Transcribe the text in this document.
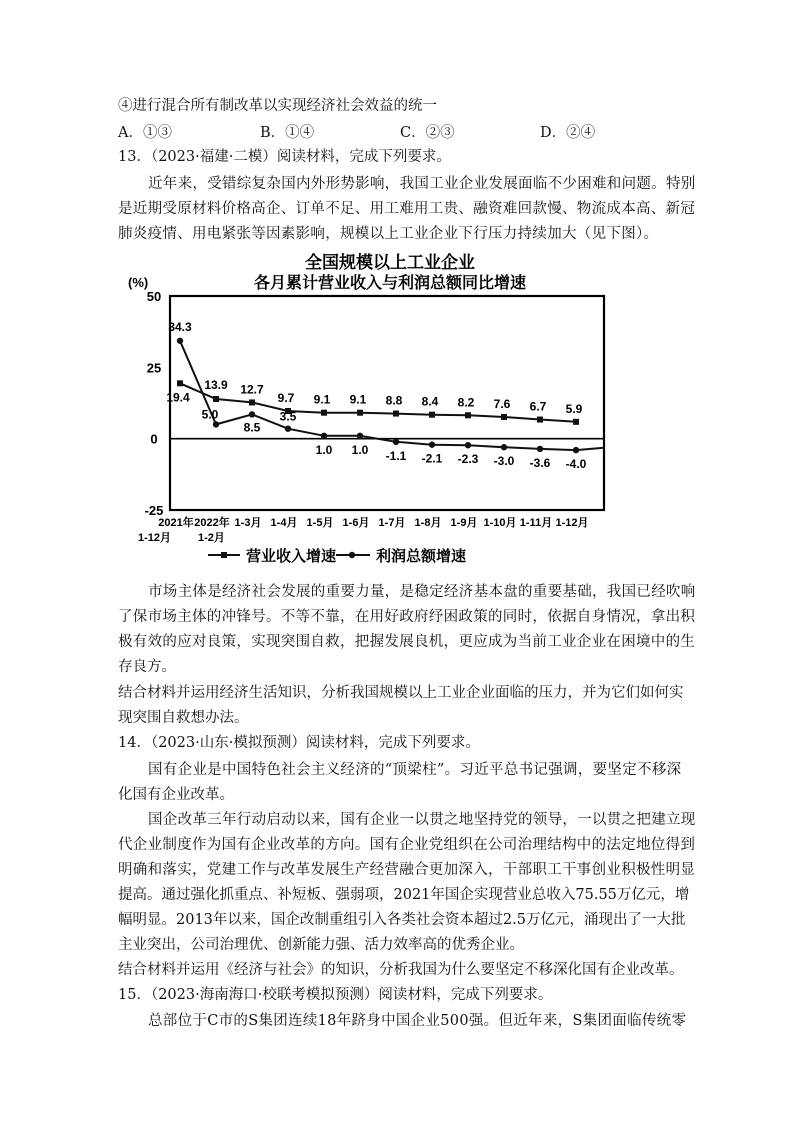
④进行混合所有制改革以实现经济社会效益的统一
A．①③	B．①④	C．②③	D．②④
13．（2023·福建·二模）阅读材料，完成下列要求。
近年来，受错综复杂国内外形势影响，我国工业企业发展面临不少困难和问题。特别
是近期受原材料价格高企、订单不足、用工难用工贵、融资难回款慢、物流成本高、新冠
肺炎疫情、用电紧张等因素影响，规模以上工业企业下行压力持续加大（见下图）。
全国规模以上工业企业
各月累计营业收入与利润总额同比增速
(%)
50
25
0
-25
2021年 2022年 1-3月 1-4月 1-5月 1-6月 1-7月 1-8月 1-9月 1-10月 1-11月 1-12月
1-12月 1-2月
19.4
13.9 12.7
9.7 9.1 9.1 8.8 8.4 8.2 7.6 6.7 5.9
34.3
5.0
8.5
3.5
1.0 1.0 -1.1 -2.1 -2.3 -3.0 -3.6 -4.0
营业收入增速	利润总额增速
市场主体是经济社会发展的重要力量，是稳定经济基本盘的重要基础，我国已经吹响
了保市场主体的冲锋号。不等不靠，在用好政府纾困政策的同时，依据自身情况，拿出积
极有效的应对良策，实现突围自救，把握发展良机，更应成为当前工业企业在困境中的生
存良方。
结合材料并运用经济生活知识，分析我国规模以上工业企业面临的压力，并为它们如何实
现突围自救想办法。
14．（2023·山东·模拟预测）阅读材料，完成下列要求。
国有企业是中国特色社会主义经济的“顶梁柱”。习近平总书记强调，要坚定不移深
化国有企业改革。
国企改革三年行动启动以来，国有企业一以贯之地坚持党的领导，一以贯之把建立现
代企业制度作为国有企业改革的方向。国有企业党组织在公司治理结构中的法定地位得到
明确和落实，党建工作与改革发展生产经营融合更加深入，干部职工干事创业积极性明显
提高。通过强化抓重点、补短板、强弱项，2021年国企实现营业总收入75.55万亿元，增
幅明显。2013年以来，国企改制重组引入各类社会资本超过2.5万亿元，涌现出了一大批
主业突出，公司治理优、创新能力强、活力效率高的优秀企业。
结合材料并运用《经济与社会》的知识，分析我国为什么要坚定不移深化国有企业改革。
15．（2023·海南海口·校联考模拟预测）阅读材料，完成下列要求。
总部位于C市的S集团连续18年跻身中国企业500强。但近年来，S集团面临传统零
